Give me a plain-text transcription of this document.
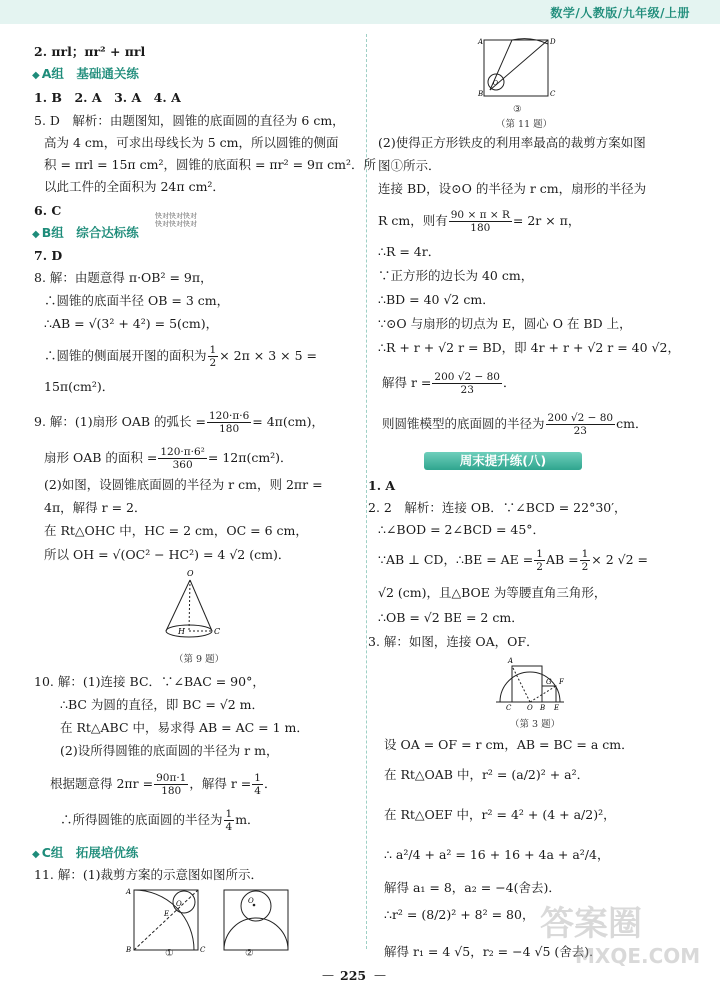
数学/人教版/九年级/上册
2. πrl；πr² + πrl
◆ A组　基础通关练
1. B　2. A　3. A　4. A
5. D　解析：由题图知，圆锥的底面圆的直径为 6 cm，
高为 4 cm，可求出母线长为 5 cm，所以圆锥的侧面
积 = πrl = 15π cm²，圆锥的底面积 = πr² = 9π cm²．所
以此工件的全面积为 24π cm²．
6. C	快对快对快对 快对快对快对
◆ B组　综合达标练
7. D
8. 解：由题意得 π·OB² = 9π，
∴圆锥的底面半径 OB = 3 cm，
∴AB = √(3² + 4²) = 5(cm)，
∴圆锥的侧面展开图的面积为 $\frac{1}{2} \times 2\pi \times 3 \times 5$ =
15π(cm²)．
9. 解：(1)扇形 OAB 的弧长 = $\frac{120\cdot\pi\cdot 6}{180} = 4\pi(cm)$，
扇形 OAB 的面积 = $\frac{\text{120·π·6²}}{360} = 12\pi(cm^2)$．
(2)如图，设圆锥底面圆的半径为 r cm，则 2πr =
4π，解得 r = 2．
在 Rt△OHC 中，HC = 2 cm，OC = 6 cm，
所以 OH = √(OC² − HC²) = 4 √2 (cm)．
O
H	C
（第 9 题）
10. 解：(1)连接 BC．∵∠BAC = 90°，
∴BC 为圆的直径，即 BC = √2 m．
在 Rt△ABC 中，易求得 AB = AC = 1 m．
(2)设所得圆锥的底面圆的半径为 r m，
根据题意得 $2\pi r = \frac{90\pi\cdot 1}{180}$ ，解得 $r = \frac{1}{4}$ ．
∴所得圆锥的底面圆的半径为 $\frac{1}{4}$ m．
◆ C组　拓展培优练
11. 解：(1)裁剪方案的示意图如图所示．
O
E
A
B	C
O
①	②
A
B	C
D
O
③
（第 11 题）
(2)使得正方形铁皮的利用率最高的裁剪方案如图
图①所示．
连接 BD，设⊙O 的半径为 r cm，扇形的半径为
R cm，则有 $\frac{90 \times \pi \times R}{180} = 2r \times \pi$，
∴R = 4r．
∵正方形的边长为 40 cm，
∴BD = 40 √2 cm．
∵⊙O 与扇形的切点为 E，圆心 O 在 BD 上，
∴R + r + √2 r = BD，即 4r + r + √2 r = 40 √2，
解得 $r = \frac{200 √2 - 80}{23}$ ．
则圆锥模型的底面圆的半径为 $\frac{200 √2 - 80}{23}$ cm．
周末提升练(八)
1. A
2. 2　解析：连接 OB．∵∠BCD = 22°30′，
∴∠BOD = 2∠BCD = 45°．
∵AB ⊥ CD，∴BE = AE = $\frac{1}{2}$ AB = $\frac{1}{2} \times 2$ √2 =
√2 (cm)，且△BOE 为等腰直角三角形，
∴OB = √2 BE = 2 cm．
3. 解：如图，连接 OA，OF．
A
C O B E
G F
（第 3 题）
设 OA = OF = r cm，AB = BC = a cm．
在 Rt△OAB 中，r² = (a/2)² + a²．
在 Rt△OEF 中，r² = 4² + (4 + a/2)²，
∴ a²/4 + a² = 16 + 16 + 4a + a²/4，
解得 a₁ = 8，a₂ = −4(舍去)．
∴r² = (8/2)² + 8² = 80，
解得 r₁ = 4 √5，r₂ = −4 √5 (舍去)．
— 225 —
答案圈
MXQE.COM
